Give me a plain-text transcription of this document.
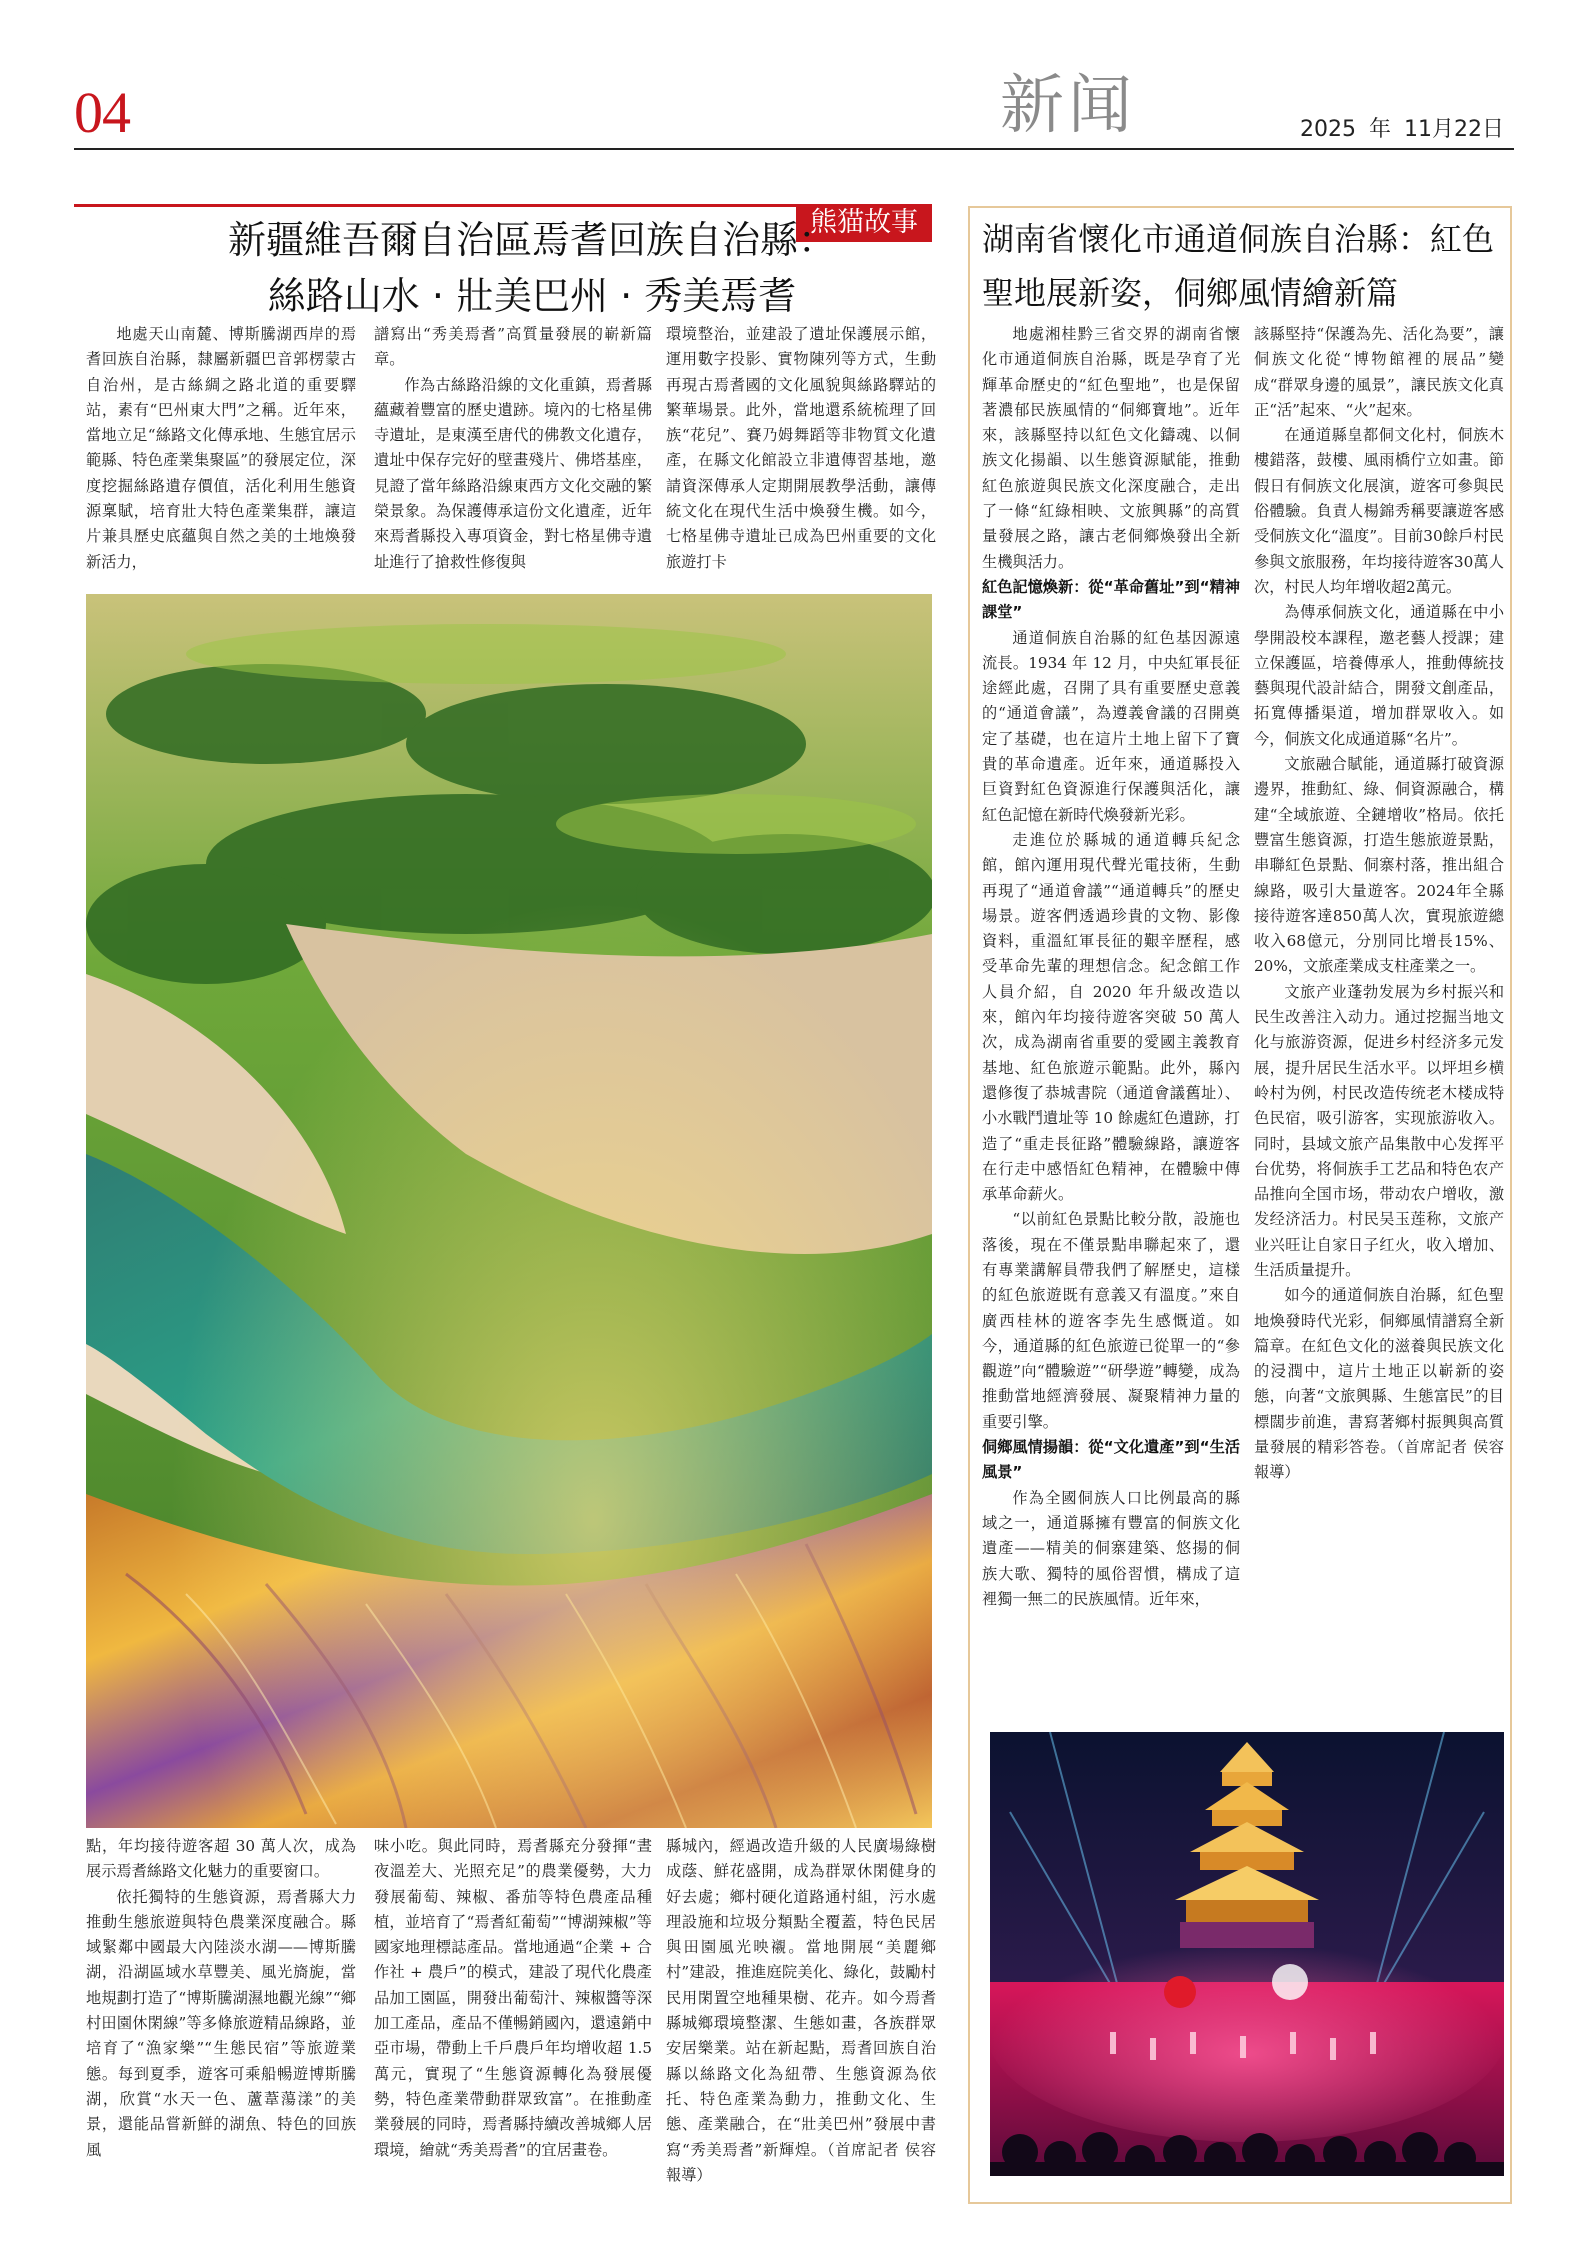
04	新闻	2025 年 11月22日
熊猫故事
新疆維吾爾自治區焉耆回族自治縣：
絲路山水 · 壯美巴州 · 秀美焉耆

地處天山南麓、博斯騰湖西岸的焉耆回族自治縣，隸屬新疆巴音郭楞蒙古自治州，是古絲綢之路北道的重要驛站，素有“巴州東大門”之稱。近年來，當地立足“絲路文化傳承地、生態宜居示範縣、特色產業集聚區”的發展定位，深度挖掘絲路遺存價值，活化利用生態資源稟賦，培育壯大特色產業集群，讓這片兼具歷史底蘊與自然之美的土地煥發新活力，

譜寫出“秀美焉耆”高質量發展的嶄新篇章。

作為古絲路沿線的文化重鎮，焉耆縣蘊藏着豐富的歷史遺跡。境內的七格星佛寺遺址，是東漢至唐代的佛教文化遺存，遺址中保存完好的壁畫殘片、佛塔基座，見證了當年絲路沿線東西方文化交融的繁榮景象。為保護傳承這份文化遺產，近年來焉耆縣投入專項資金，對七格星佛寺遺址進行了搶救性修復與

環境整治，並建設了遺址保護展示館，運用數字投影、實物陳列等方式，生動再現古焉耆國的文化風貌與絲路驛站的繁華場景。此外，當地還系統梳理了回族“花兒”、賽乃姆舞蹈等非物質文化遺產，在縣文化館設立非遺傳習基地，邀請資深傳承人定期開展教學活動，讓傳統文化在現代生活中煥發生機。如今，七格星佛寺遺址已成為巴州重要的文化旅遊打卡

點，年均接待遊客超 30 萬人次，成為展示焉耆絲路文化魅力的重要窗口。

依托獨特的生態資源，焉耆縣大力推動生態旅遊與特色農業深度融合。縣域緊鄰中國最大內陸淡水湖——博斯騰湖，沿湖區域水草豐美、風光旖旎，當地規劃打造了“博斯騰湖濕地觀光線”“鄉村田園休閑線”等多條旅遊精品線路，並培育了“漁家樂”“生態民宿”等旅遊業態。每到夏季，遊客可乘船暢遊博斯騰湖，欣賞“水天一色、蘆葦蕩漾”的美景，還能品嘗新鮮的湖魚、特色的回族風

味小吃。與此同時，焉耆縣充分發揮“晝夜溫差大、光照充足”的農業優勢，大力發展葡萄、辣椒、番茄等特色農產品種植，並培育了“焉耆紅葡萄”“博湖辣椒”等國家地理標誌產品。當地通過“企業 + 合作社 + 農戶”的模式，建設了現代化農產品加工園區，開發出葡萄汁、辣椒醬等深加工產品，產品不僅暢銷國內，還遠銷中亞市場，帶動上千戶農戶年均增收超 1.5 萬元，實現了“生態資源轉化為發展優勢，特色產業帶動群眾致富”。在推動產業發展的同時，焉耆縣持續改善城鄉人居環境，繪就“秀美焉耆”的宜居畫卷。

縣城內，經過改造升級的人民廣場綠樹成蔭、鮮花盛開，成為群眾休閑健身的好去處；鄉村硬化道路通村組，污水處理設施和垃圾分類點全覆蓋，特色民居與田園風光映襯。當地開展“美麗鄉村”建設，推進庭院美化、綠化，鼓勵村民用閑置空地種果樹、花卉。如今焉耆縣城鄉環境整潔、生態如畫，各族群眾安居樂業。站在新起點，焉耆回族自治縣以絲路文化為紐帶、生態資源為依托、特色產業為動力，推動文化、生態、產業融合，在“壯美巴州”發展中書寫“秀美焉耆”新輝煌。（首席記者 侯容報導）

湖南省懷化市通道侗族自治縣：紅色
聖地展新姿，侗鄉風情繪新篇

地處湘桂黔三省交界的湖南省懷化市通道侗族自治縣，既是孕育了光輝革命歷史的“紅色聖地”，也是保留著濃郁民族風情的“侗鄉寶地”。近年來，該縣堅持以紅色文化鑄魂、以侗族文化揚韻、以生態資源賦能，推動紅色旅遊與民族文化深度融合，走出了一條“紅綠相映、文旅興縣”的高質量發展之路，讓古老侗鄉煥發出全新生機與活力。

紅色記憶煥新：從“革命舊址”到“精神課堂”

通道侗族自治縣的紅色基因源遠流長。1934 年 12 月，中央紅軍長征途經此處，召開了具有重要歷史意義的“通道會議”，為遵義會議的召開奠定了基礎，也在這片土地上留下了寶貴的革命遺產。近年來，通道縣投入巨資對紅色資源進行保護與活化，讓紅色記憶在新時代煥發新光彩。

走進位於縣城的通道轉兵紀念館，館內運用現代聲光電技術，生動再現了“通道會議”“通道轉兵”的歷史場景。遊客們透過珍貴的文物、影像資料，重溫紅軍長征的艱辛歷程，感受革命先輩的理想信念。紀念館工作人員介紹，自 2020 年升級改造以來，館內年均接待遊客突破 50 萬人次，成為湖南省重要的愛國主義教育基地、紅色旅遊示範點。此外，縣內還修復了恭城書院（通道會議舊址）、小水戰鬥遺址等 10 餘處紅色遺跡，打造了“重走長征路”體驗線路，讓遊客在行走中感悟紅色精神，在體驗中傳承革命薪火。

“以前紅色景點比較分散，設施也落後，現在不僅景點串聯起來了，還有專業講解員帶我們了解歷史，這樣的紅色旅遊既有意義又有溫度。”來自廣西桂林的遊客李先生感慨道。如今，通道縣的紅色旅遊已從單一的“參觀遊”向“體驗遊”“研學遊”轉變，成為推動當地經濟發展、凝聚精神力量的重要引擎。

侗鄉風情揚韻：從“文化遺產”到“生活風景”

作為全國侗族人口比例最高的縣域之一，通道縣擁有豐富的侗族文化遺產——精美的侗寨建築、悠揚的侗族大歌、獨特的風俗習慣，構成了這裡獨一無二的民族風情。近年來，

該縣堅持“保護為先、活化為要”，讓侗族文化從“博物館裡的展品”變成“群眾身邊的風景”，讓民族文化真正“活”起來、“火”起來。

在通道縣皇都侗文化村，侗族木樓錯落，鼓樓、風雨橋佇立如畫。節假日有侗族文化展演，遊客可參與民俗體驗。負責人楊錦秀稱要讓遊客感受侗族文化“溫度”。目前30餘戶村民參與文旅服務，年均接待遊客30萬人次，村民人均年增收超2萬元。

為傳承侗族文化，通道縣在中小學開設校本課程，邀老藝人授課；建立保護區，培養傳承人，推動傳統技藝與現代設計結合，開發文創產品，拓寬傳播渠道，增加群眾收入。如今，侗族文化成通道縣“名片”。

文旅融合賦能，通道縣打破資源邊界，推動紅、綠、侗資源融合，構建“全域旅遊、全鏈增收”格局。依托豐富生態資源，打造生態旅遊景點，串聯紅色景點、侗寨村落，推出組合線路，吸引大量遊客。2024年全縣接待遊客達850萬人次，實現旅遊總收入68億元，分別同比增長15%、20%，文旅產業成支柱產業之一。

文旅产业蓬勃发展为乡村振兴和民生改善注入动力。通过挖掘当地文化与旅游资源，促进乡村经济多元发展，提升居民生活水平。以坪坦乡横岭村为例，村民改造传统老木楼成特色民宿，吸引游客，实现旅游收入。同时，县域文旅产品集散中心发挥平台优势，将侗族手工艺品和特色农产品推向全国市场，带动农户增收，激发经济活力。村民吴玉莲称，文旅产业兴旺让自家日子红火，收入增加、生活质量提升。

如今的通道侗族自治縣，紅色聖地煥發時代光彩，侗鄉風情譜寫全新篇章。在紅色文化的滋養與民族文化的浸潤中，這片土地正以嶄新的姿態，向著“文旅興縣、生態富民”的目標闊步前進，書寫著鄉村振興與高質量發展的精彩答卷。（首席記者 侯容報導）
